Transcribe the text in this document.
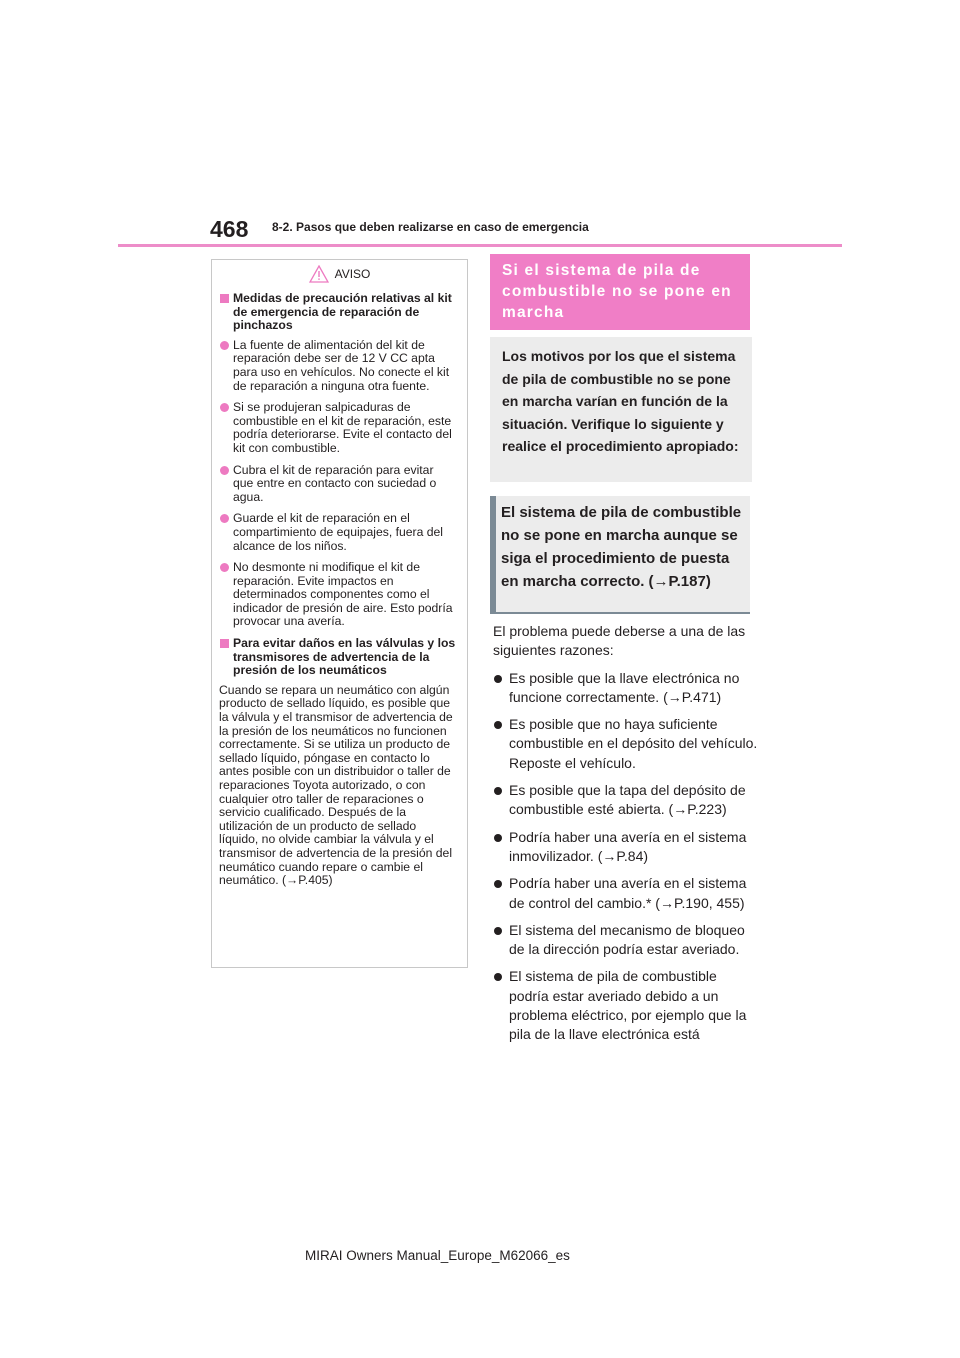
468 8-2. Pasos que deben realizarse en caso de emergencia
AVISO

Medidas de precaución relativas al kit de emergencia de reparación de pinchazos

La fuente de alimentación del kit de reparación debe ser de 12 V CC apta para uso en vehículos. No conecte el kit de reparación a ninguna otra fuente.

Si se produjeran salpicaduras de combustible en el kit de reparación, este podría deteriorarse. Evite el contacto del kit con combustible.

Cubra el kit de reparación para evitar que entre en contacto con suciedad o agua.

Guarde el kit de reparación en el compartimiento de equipajes, fuera del alcance de los niños.

No desmonte ni modifique el kit de reparación. Evite impactos en determinados componentes como el indicador de presión de aire. Esto podría provocar una avería.

Para evitar daños en las válvulas y los transmisores de advertencia de la presión de los neumáticos

Cuando se repara un neumático con algún producto de sellado líquido, es posible que la válvula y el transmisor de advertencia de la presión de los neumáticos no funcionen correctamente. Si se utiliza un producto de sellado líquido, póngase en contacto lo antes posible con un distribuidor o taller de reparaciones Toyota autorizado, o con cualquier otro taller de reparaciones o servicio cualificado. Después de la utilización de un producto de sellado líquido, no olvide cambiar la válvula y el transmisor de advertencia de la presión del neumático cuando repare o cambie el neumático. (→P.405)

Si el sistema de pila de combustible no se pone en marcha
Los motivos por los que el sistema de pila de combustible no se pone en marcha varían en función de la situación. Verifique lo siguiente y realice el procedimiento apropiado:
El sistema de pila de combustible no se pone en marcha aunque se siga el procedimiento de puesta en marcha correcto. (→P.187)

El problema puede deberse a una de las siguientes razones:

Es posible que la llave electrónica no funcione correctamente. (→P.471)

Es posible que no haya suficiente combustible en el depósito del vehículo. Reposte el vehículo.

Es posible que la tapa del depósito de combustible esté abierta. (→P.223)

Podría haber una avería en el sistema inmovilizador. (→P.84)

Podría haber una avería en el sistema de control del cambio.* (→P.190, 455)

El sistema del mecanismo de bloqueo de la dirección podría estar averiado.

El sistema de pila de combustible podría estar averiado debido a un problema eléctrico, por ejemplo que la pila de la llave electrónica está

MIRAI Owners Manual_Europe_M62066_es
